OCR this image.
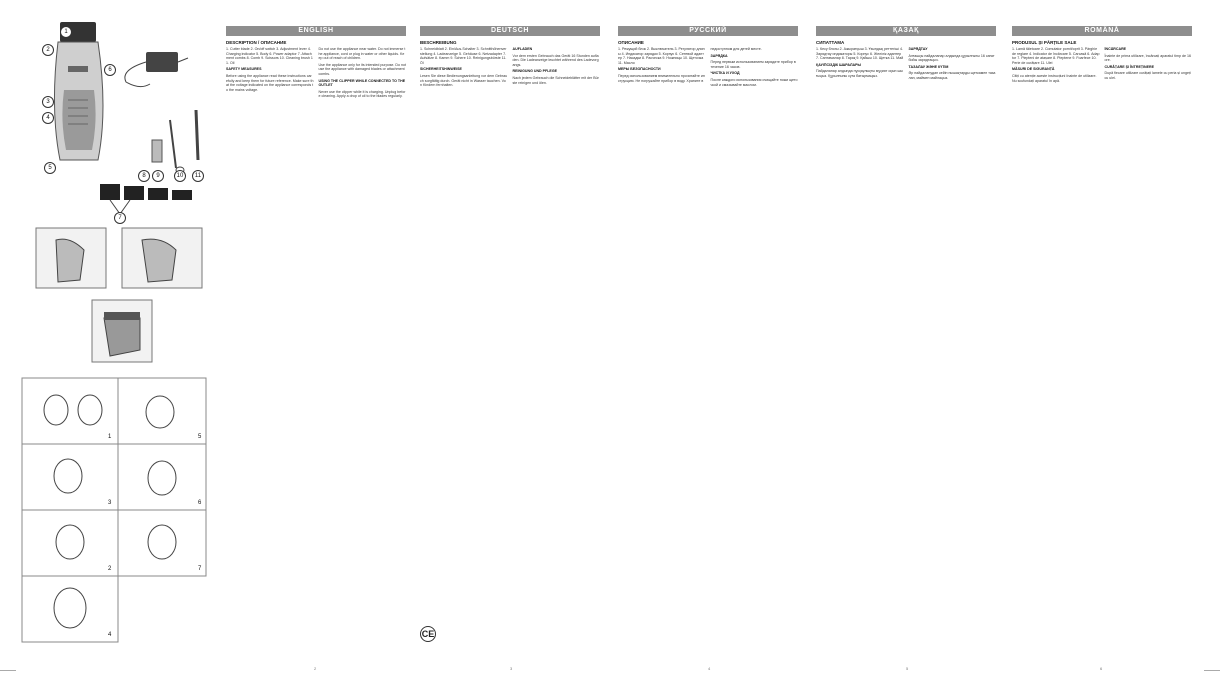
1
2
3
4
5
6
7
8	9	10	11
1
2
3
4
5
6
7
ENGLISH
DESCRIPTION / ОПИСАНИЕ

1. Cutter blade 2. On/off switch 3. Adjustment lever 4. Charging indicator 5. Body 6. Power adaptor 7. Attachment combs 8. Comb 9. Scissors 10. Cleaning brush 11. Oil

SAFETY MEASURES

Before using the appliance read these instructions carefully and keep them for future reference. Make sure that the voltage indicated on the appliance corresponds to the mains voltage.

Do not use the appliance near water. Do not immerse the appliance, cord or plug in water or other liquids. Keep out of reach of children.

Use the appliance only for its intended purpose. Do not use the appliance with damaged blades or attachment combs.

USING THE CLIPPER WHILE CONNECTED TO THE OUTLET

Never use the clipper while it is charging. Unplug before cleaning. Apply a drop of oil to the blades regularly.

DEUTSCH
BESCHREIBUNG

1. Schneidblatt 2. Ein/Aus-Schalter 3. Schnitthöhenverstellung 4. Ladeanzeige 5. Gehäuse 6. Netzadapter 7. Aufsätze 8. Kamm 9. Schere 10. Reinigungsbürste 11. Öl

SICHERHEITSHINWEISE

Lesen Sie diese Bedienungsanleitung vor dem Gebrauch sorgfältig durch. Gerät nicht in Wasser tauchen. Von Kindern fernhalten.

AUFLADEN

Vor dem ersten Gebrauch das Gerät 16 Stunden aufladen. Die Ladeanzeige leuchtet während des Ladevorgangs.

REINIGUNG UND PFLEGE

Nach jedem Gebrauch die Schneideblätter mit der Bürste reinigen und ölen.

CE
РУССКИЙ
ОПИСАНИЕ

1. Режущий блок 2. Выключатель 3. Регулятор длины 4. Индикатор зарядки 5. Корпус 6. Сетевой адаптер 7. Насадки 8. Расческа 9. Ножницы 10. Щеточка 11. Масло

МЕРЫ БЕЗОПАСНОСТИ

Перед использованием внимательно прочитайте инструкцию. Не погружайте прибор в воду. Храните в недоступном для детей месте.

ЗАРЯДКА

Перед первым использованием зарядите прибор в течение 16 часов.

ЧИСТКА И УХОД

После каждого использования очищайте ножи щеточкой и смазывайте маслом.

ҚАЗАҚ
СИПАТТАМА

1. Кесу блогы 2. Ажыратқыш 3. Ұзындық реттегіші 4. Зарядтау индикаторы 5. Корпус 6. Желілік адаптер 7. Саптамалар 8. Тарақ 9. Қайшы 10. Щетка 11. Май

ҚАУІПСІЗДІК ШАРАЛАРЫ

Пайдаланар алдында нұсқаулықты мұқият оқып шығыңыз. Құрылғыны суға батырмаңыз.

ЗАРЯДТАУ

Алғашқы пайдаланар алдында құрылғыны 16 сағат бойы зарядтаңыз.

ТАЗАЛАУ ЖӘНЕ КҮТІМ

Әр пайдаланудан кейін пышақтарды щеткамен тазалап, маймен майлаңыз.

ROMÂNĂ
PRODUSUL ȘI PĂRȚILE SALE

1. Lamă tăietoare 2. Comutator pornit/oprit 3. Pârghie de reglare 4. Indicator de încărcare 5. Carcasă 6. Adaptor 7. Piepteni de atașare 8. Pieptene 9. Foarfece 10. Perie de curățare 11. Ulei

MĂSURI DE SIGURANȚĂ

Citiți cu atenție aceste instrucțiuni înainte de utilizare. Nu scufundați aparatul în apă.

ÎNCĂRCARE

Înainte de prima utilizare, încărcați aparatul timp de 16 ore.

CURĂȚARE ȘI ÎNTREȚINERE

După fiecare utilizare curățați lamele cu peria și ungeți cu ulei.

2	3	4	5	6
